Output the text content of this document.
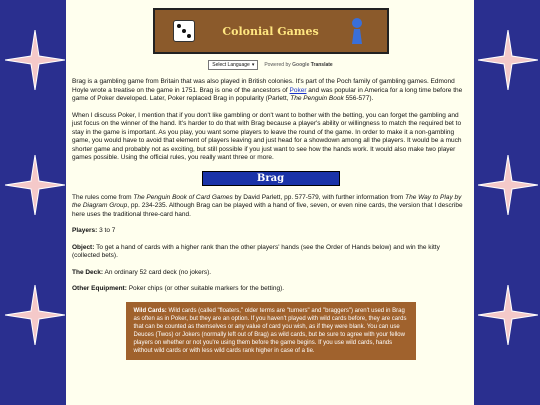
Colonial Games
Select Language ▾ Powered by Google Translate

Brag is a gambling game from Britain that was also played in British colonies. It's part of the Poch family of gambling games. Edmond Hoyle wrote a treatise on the game in 1751. Brag is one of the ancestors of Poker and was popular in America for a long time before the game of Poker developed. Later, Poker replaced Brag in popularity (Parlett, The Penguin Book 556-577).

When I discuss Poker, I mention that if you don't like gambling or don't want to bother with the betting, you can forget the gambling and just focus on the winner of the hand. It's harder to do that with Brag because a player's ability or willingness to match the required bet to stay in the game is important. As you play, you want some players to leave the round of the game. In order to make it a non-gambling game, you would have to avoid that element of players leaving and just head for a showdown among all the players. It would be a much shorter game and probably not as exciting, but still possible if you just want to see how the hands work. It would also make two player games possible. Using the official rules, you really want three or more.

Brag

The rules come from The Penguin Book of Card Games by David Parlett, pp. 577-579, with further information from The Way to Play by the Diagram Group, pp. 234-235. Although Brag can be played with a hand of five, seven, or even nine cards, the version that I describe here uses the traditional three-card hand.

Players: 3 to 7

Object: To get a hand of cards with a higher rank than the other players' hands (see the Order of Hands below) and win the kitty (collected bets).

The Deck: An ordinary 52 card deck (no jokers).

Other Equipment: Poker chips (or other suitable markers for the betting).

Wild Cards: Wild cards (called "floaters," older terms are "turners" and "braggers") aren't used in Brag as often as in Poker, but they are an option. If you haven't played with wild cards before, they are cards that can be counted as themselves or any value of card you wish, as if they were blank. You can use Deuces (Twos) or Jokers (normally left out of Brag) as wild cards, but be sure to agree with your fellow players on whether or not you're using them before the game begins. If you use wild cards, hands without wild cards or with less wild cards rank higher in case of a tie.
